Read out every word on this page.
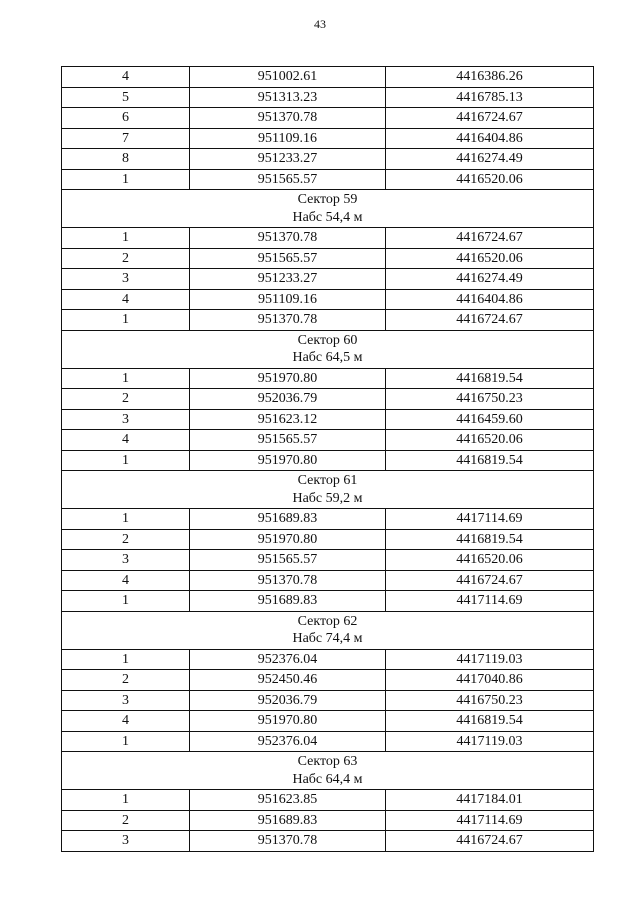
43
4	951002.61	4416386.26
5	951313.23	4416785.13
6	951370.78	4416724.67
7	951109.16	4416404.86
8	951233.27	4416274.49
1	951565.57	4416520.06

Сектор 59
Набс 54,4 м		

1	951370.78	4416724.67
2	951565.57	4416520.06
3	951233.27	4416274.49
4	951109.16	4416404.86
1	951370.78	4416724.67

Сектор 60
Набс 64,5 м		

1	951970.80	4416819.54
2	952036.79	4416750.23
3	951623.12	4416459.60
4	951565.57	4416520.06
1	951970.80	4416819.54

Сектор 61
Набс 59,2 м		

1	951689.83	4417114.69
2	951970.80	4416819.54
3	951565.57	4416520.06
4	951370.78	4416724.67
1	951689.83	4417114.69

Сектор 62
Набс 74,4 м		

1	952376.04	4417119.03
2	952450.46	4417040.86
3	952036.79	4416750.23
4	951970.80	4416819.54
1	952376.04	4417119.03

Сектор 63
Набс 64,4 м		

1	951623.85	4417184.01
2	951689.83	4417114.69
3	951370.78	4416724.67
